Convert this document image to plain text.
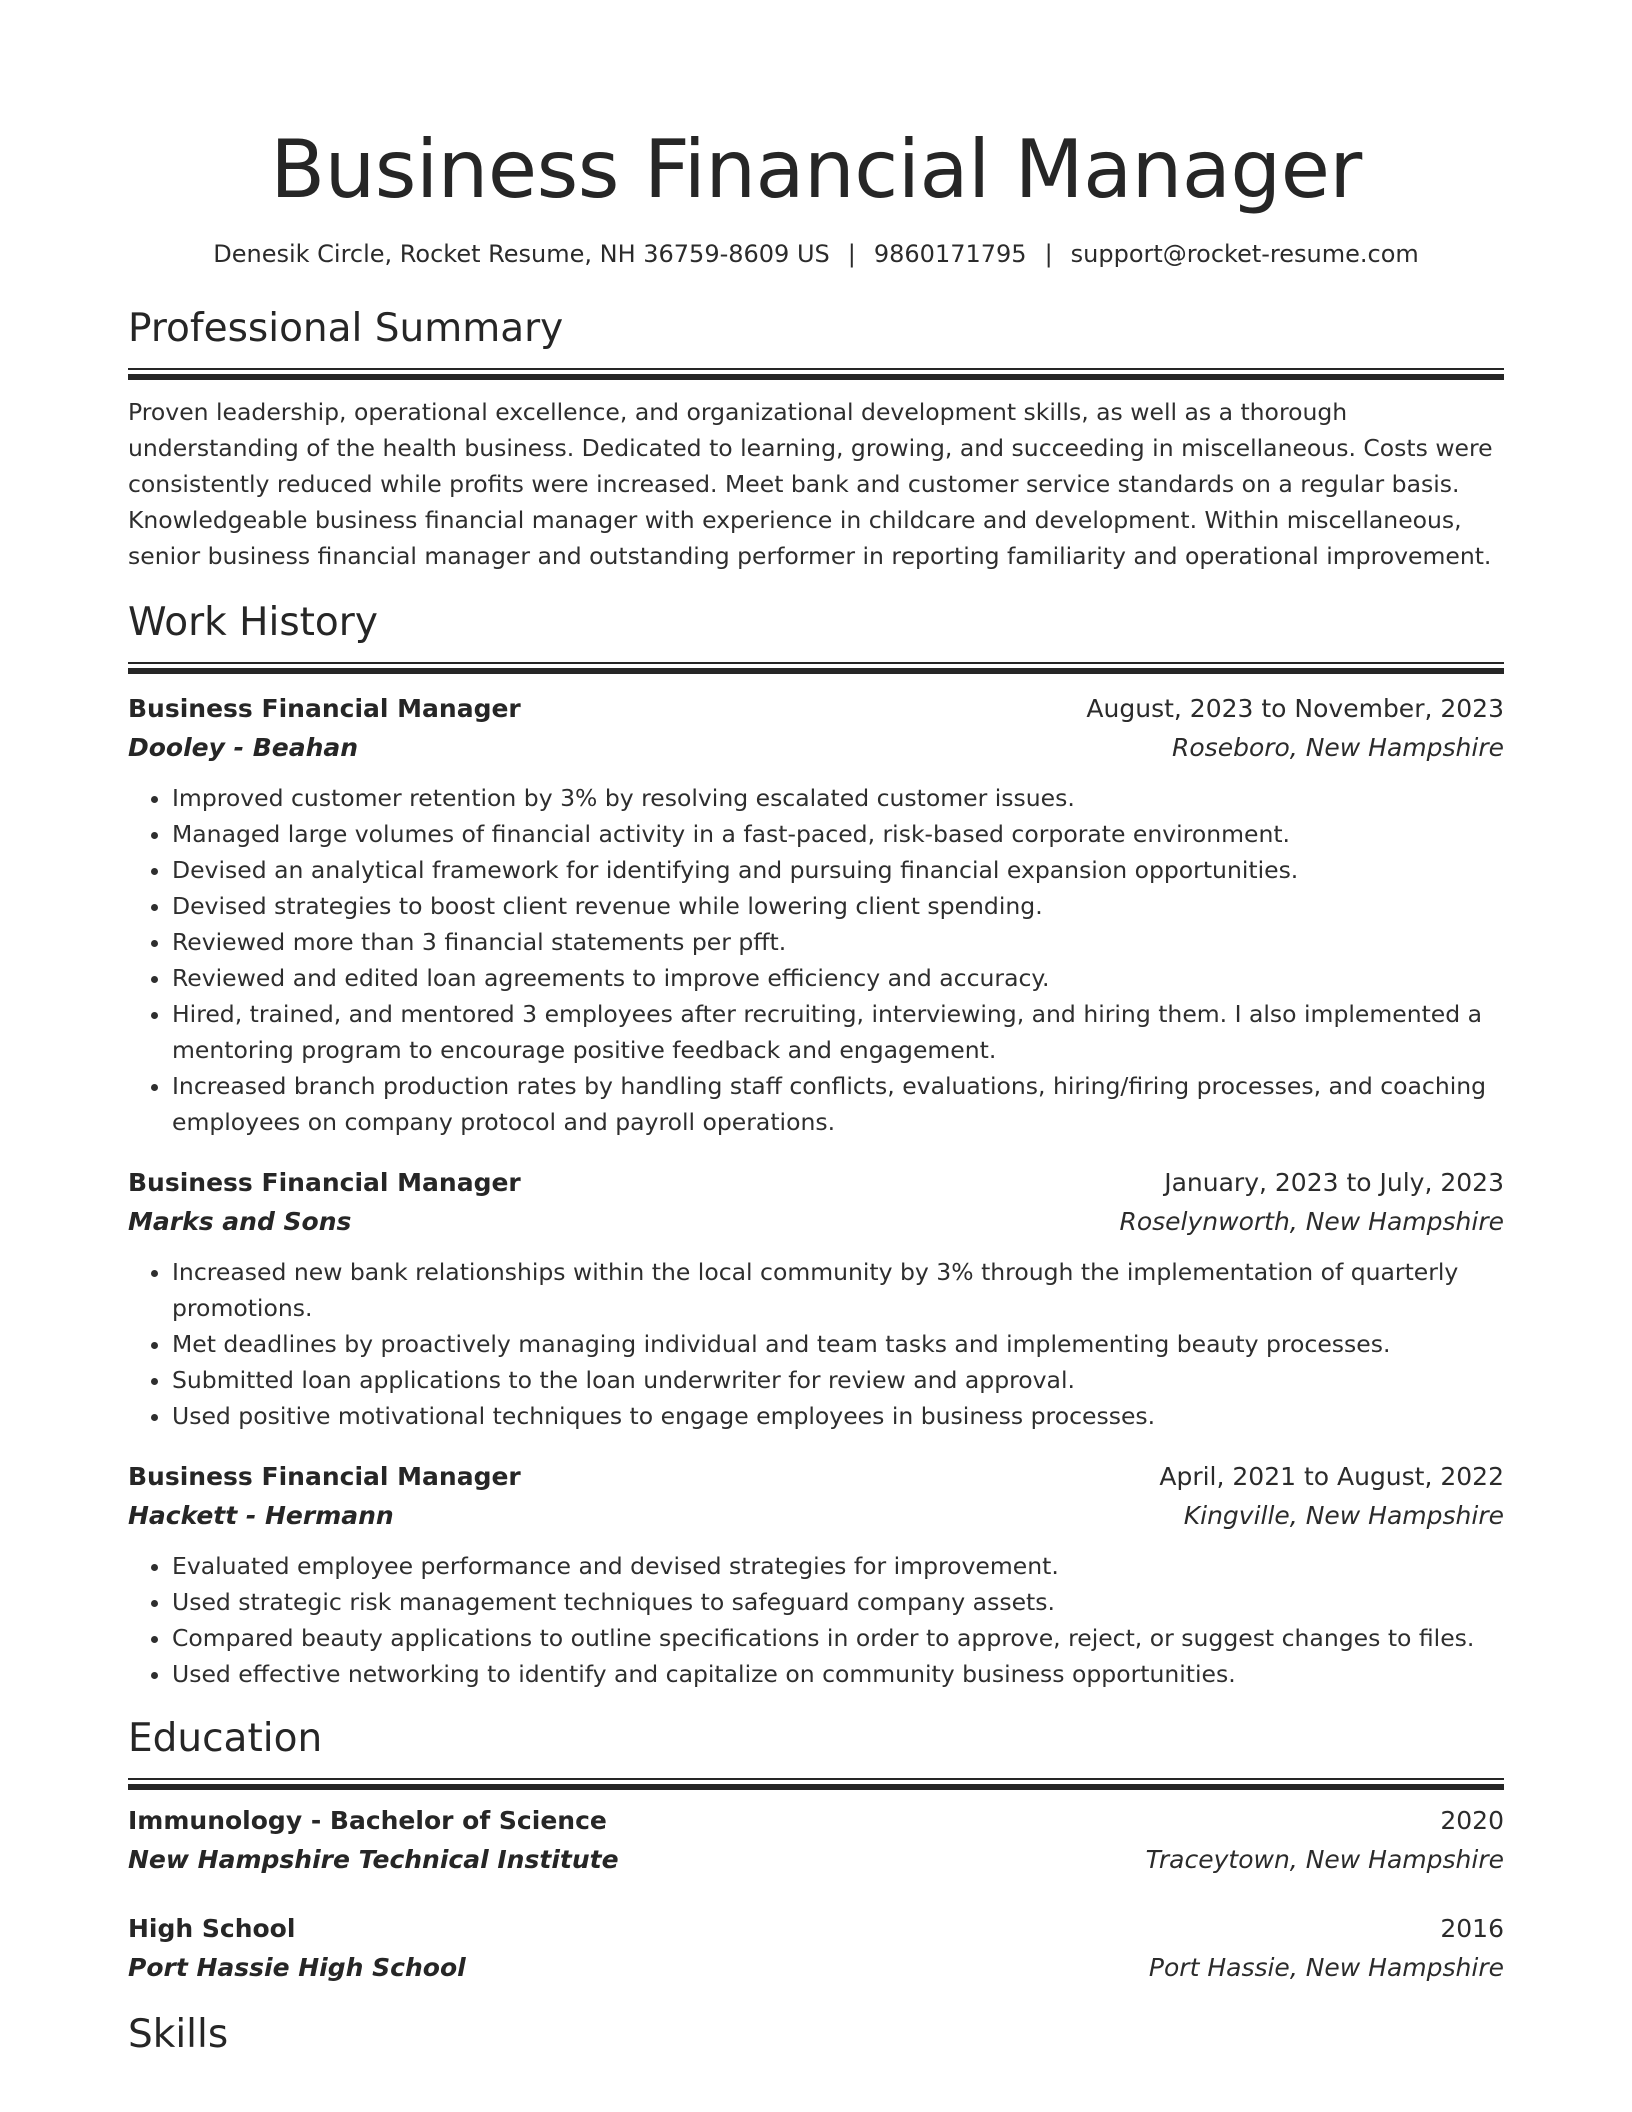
Business Financial Manager
Denesik Circle, Rocket Resume, NH 36759-8609 US | 9860171795 | support@rocket-resume.com
Professional Summary
Proven leadership, operational excellence, and organizational development skills, as well as a thorough understanding of the health business. Dedicated to learning, growing, and succeeding in miscellaneous. Costs were consistently reduced while profits were increased. Meet bank and customer service standards on a regular basis. Knowledgeable business financial manager with experience in childcare and development. Within miscellaneous, senior business financial manager and outstanding performer in reporting familiarity and operational improvement.
Work History
Business Financial Manager	August, 2023 to November, 2023
Dooley - Beahan	Roseboro, New Hampshire
• Improved customer retention by 3% by resolving escalated customer issues.
• Managed large volumes of financial activity in a fast-paced, risk-based corporate environment.
• Devised an analytical framework for identifying and pursuing financial expansion opportunities.
• Devised strategies to boost client revenue while lowering client spending.
• Reviewed more than 3 financial statements per pfft.
• Reviewed and edited loan agreements to improve efficiency and accuracy.
• Hired, trained, and mentored 3 employees after recruiting, interviewing, and hiring them. I also implemented a mentoring program to encourage positive feedback and engagement.
• Increased branch production rates by handling staff conflicts, evaluations, hiring/firing processes, and coaching employees on company protocol and payroll operations.
Business Financial Manager	January, 2023 to July, 2023
Marks and Sons	Roselynworth, New Hampshire
• Increased new bank relationships within the local community by 3% through the implementation of quarterly promotions.
• Met deadlines by proactively managing individual and team tasks and implementing beauty processes.
• Submitted loan applications to the loan underwriter for review and approval.
• Used positive motivational techniques to engage employees in business processes.
Business Financial Manager	April, 2021 to August, 2022
Hackett - Hermann	Kingville, New Hampshire
• Evaluated employee performance and devised strategies for improvement.
• Used strategic risk management techniques to safeguard company assets.
• Compared beauty applications to outline specifications in order to approve, reject, or suggest changes to files.
• Used effective networking to identify and capitalize on community business opportunities.
Education
Immunology - Bachelor of Science	2020
New Hampshire Technical Institute	Traceytown, New Hampshire
High School	2016
Port Hassie High School	Port Hassie, New Hampshire
Skills
